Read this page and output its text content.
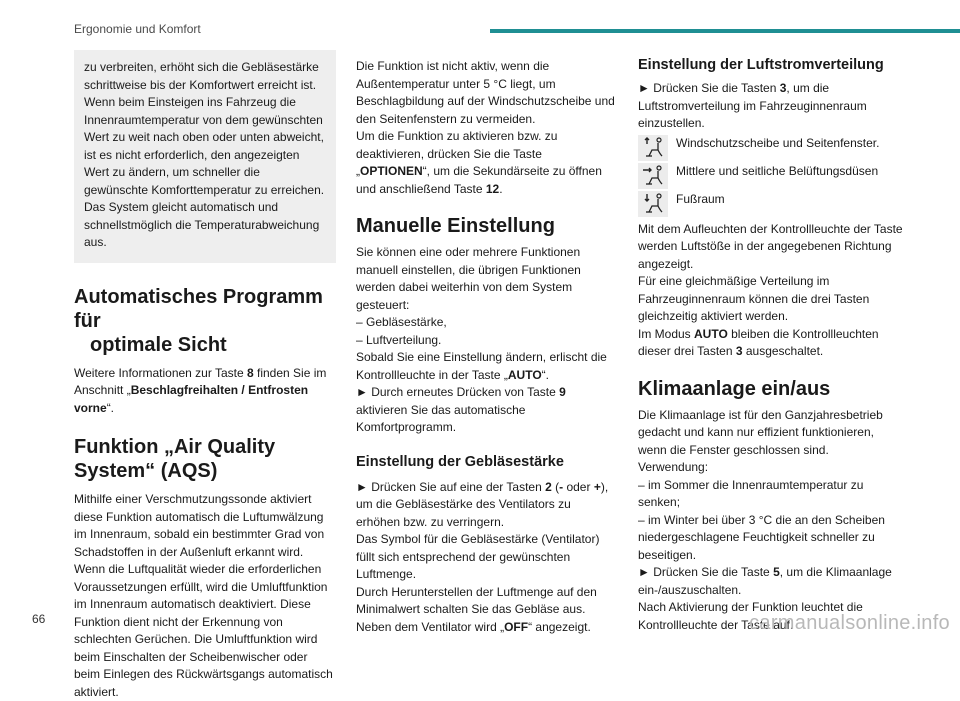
Ergonomie und Komfort

zu verbreiten, erhöht sich die Gebläsestärke schrittweise bis der Komfortwert erreicht ist. Wenn beim Einsteigen ins Fahrzeug die Innenraumtemperatur von dem gewünschten Wert zu weit nach oben oder unten abweicht, ist es nicht erforderlich, den angezeigten Wert zu ändern, um schneller die gewünschte Komforttemperatur zu erreichen. Das System gleicht automatisch und schnellstmöglich die Temperaturabweichung aus.

Automatisches Programm für
optimale Sicht

Weitere Informationen zur Taste 8 finden Sie im Anschnitt „Beschlagfreihalten / Entfrosten vorne“.

Funktion „Air Quality
System“ (AQS)

Mithilfe einer Verschmutzungssonde aktiviert diese Funktion automatisch die Luftumwälzung im Innenraum, sobald ein bestimmter Grad von Schadstoffen in der Außenluft erkannt wird. Wenn die Luftqualität wieder die erforderlichen Voraussetzungen erfüllt, wird die Umluftfunktion im Innenraum automatisch deaktiviert. Diese Funktion dient nicht der Erkennung von schlechten Gerüchen. Die Umluftfunktion wird beim Einschalten der Scheibenwischer oder beim Einlegen des Rückwärtsgangs automatisch aktiviert.

Die Funktion ist nicht aktiv, wenn die Außentemperatur unter 5 °C liegt, um Beschlagbildung auf der Windschutzscheibe und den Seitenfenstern zu vermeiden.

Um die Funktion zu aktivieren bzw. zu deaktivieren, drücken Sie die Taste „OPTIONEN“, um die Sekundärseite zu öffnen und anschließend Taste 12.

Manuelle Einstellung

Sie können eine oder mehrere Funktionen manuell einstellen, die übrigen Funktionen werden dabei weiterhin von dem System gesteuert:

– Gebläsestärke,

– Luftverteilung.

Sobald Sie eine Einstellung ändern, erlischt die Kontrollleuchte in der Taste „AUTO“.

► Durch erneutes Drücken von Taste 9 aktivieren Sie das automatische Komfortprogramm.

Einstellung der Gebläsestärke

► Drücken Sie auf eine der Tasten 2 (- oder +), um die Gebläsestärke des Ventilators zu erhöhen bzw. zu verringern.

Das Symbol für die Gebläsestärke (Ventilator) füllt sich entsprechend der gewünschten Luftmenge.

Durch Herunterstellen der Luftmenge auf den Minimalwert schalten Sie das Gebläse aus.

Neben dem Ventilator wird „OFF“ angezeigt.

Einstellung der Luftstromverteilung

► Drücken Sie die Tasten 3, um die Luftstromverteilung im Fahrzeuginnenraum einzustellen.

Windschutzscheibe und Seitenfenster.
Mittlere und seitliche Belüftungsdüsen
Fußraum

Mit dem Aufleuchten der Kontrollleuchte der Taste werden Luftstöße in der angegebenen Richtung angezeigt.

Für eine gleichmäßige Verteilung im Fahrzeuginnenraum können die drei Tasten gleichzeitig aktiviert werden.

Im Modus AUTO bleiben die Kontrollleuchten dieser drei Tasten 3 ausgeschaltet.

Klimaanlage ein/aus

Die Klimaanlage ist für den Ganzjahresbetrieb gedacht und kann nur effizient funktionieren, wenn die Fenster geschlossen sind.

Verwendung:

– im Sommer die Innenraumtemperatur zu senken;

– im Winter bei über 3 °C die an den Scheiben niedergeschlagene Feuchtigkeit schneller zu beseitigen.

► Drücken Sie die Taste 5, um die Klimaanlage ein-/auszuschalten.

Nach Aktivierung der Funktion leuchtet die Kontrollleuchte der Taste auf.

66	carmanualsonline.info
